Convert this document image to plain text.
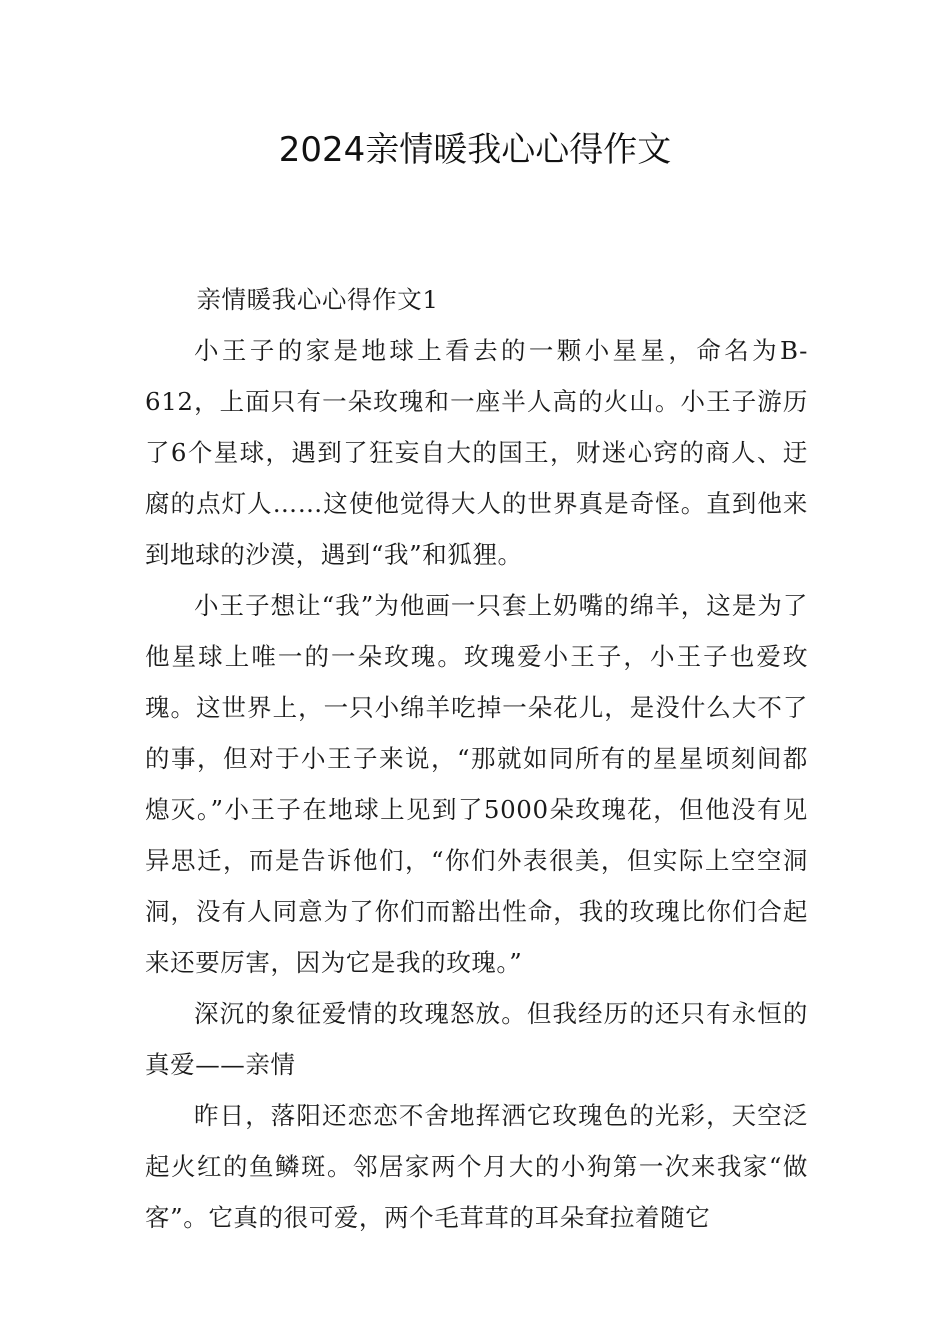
2024亲情暖我心心得作文

亲情暖我心心得作文1

小王子的家是地球上看去的一颗小星星，命名为B-612，上面只有一朵玫瑰和一座半人高的火山。小王子游历了6个星球，遇到了狂妄自大的国王，财迷心窍的商人、迂腐的点灯人……这使他觉得大人的世界真是奇怪。直到他来到地球的沙漠，遇到“我”和狐狸。

小王子想让“我”为他画一只套上奶嘴的绵羊，这是为了他星球上唯一的一朵玫瑰。玫瑰爱小王子，小王子也爱玫瑰。这世界上，一只小绵羊吃掉一朵花儿，是没什么大不了的事，但对于小王子来说，“那就如同所有的星星顷刻间都熄灭。”小王子在地球上见到了5000朵玫瑰花，但他没有见异思迁，而是告诉他们，“你们外表很美，但实际上空空洞洞，没有人同意为了你们而豁出性命，我的玫瑰比你们合起来还要厉害，因为它是我的玫瑰。”

深沉的象征爱情的玫瑰怒放。但我经历的还只有永恒的真爱——亲情

昨日，落阳还恋恋不舍地挥洒它玫瑰色的光彩，天空泛起火红的鱼鳞斑。邻居家两个月大的小狗第一次来我家“做客”。它真的很可爱，两个毛茸茸的耳朵耷拉着随它
